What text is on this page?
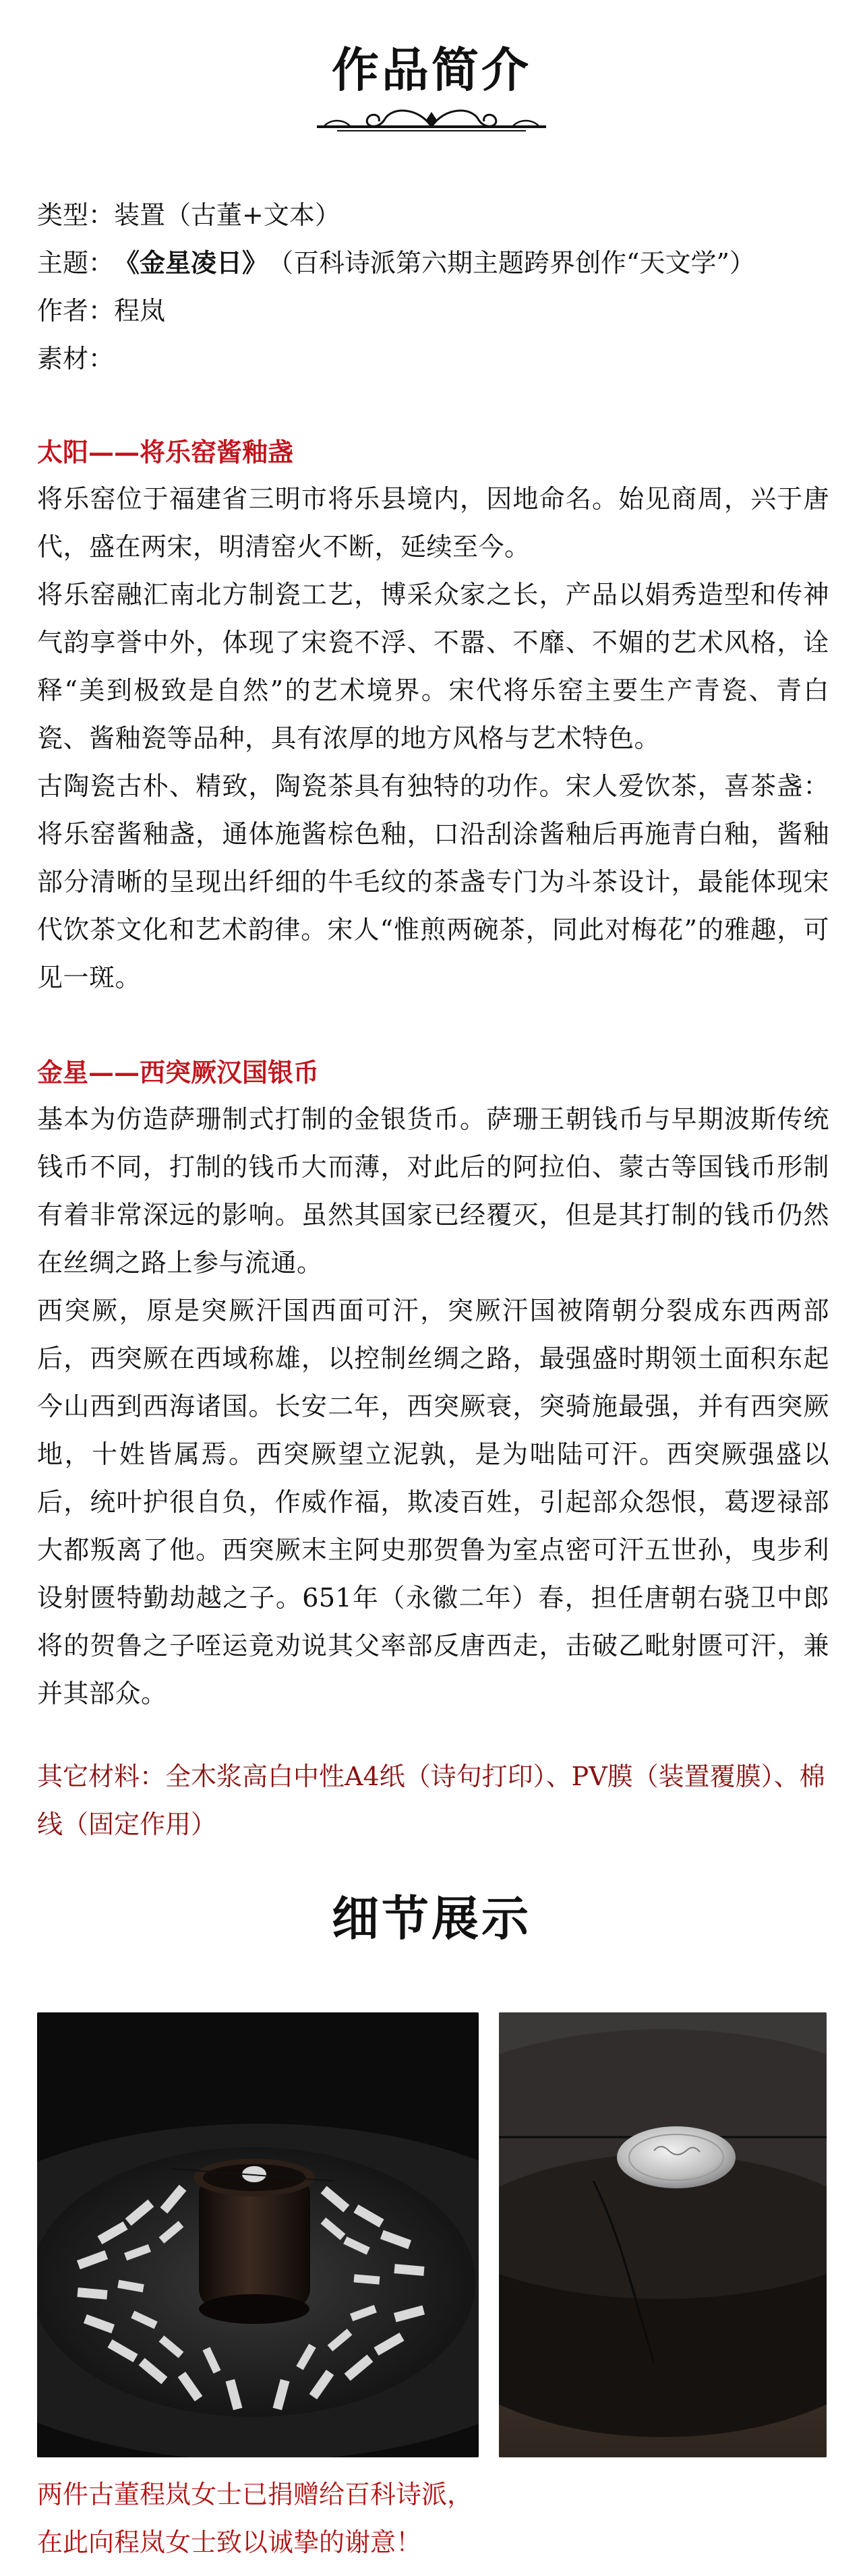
作品简介
类型：装置（古董+文本）
主题：《金星凌日》（百科诗派第六期主题跨界创作“天文学”）
作者：程岚
素材：
太阳——将乐窑酱釉盏
将乐窑位于福建省三明市将乐县境内，因地命名。始见商周，兴于唐代，盛在两宋，明清窑火不断，延续至今。
将乐窑融汇南北方制瓷工艺，博采众家之长，产品以娟秀造型和传神气韵享誉中外，体现了宋瓷不浮、不嚣、不靡、不媚的艺术风格，诠释“美到极致是自然”的艺术境界。宋代将乐窑主要生产青瓷、青白瓷、酱釉瓷等品种，具有浓厚的地方风格与艺术特色。
古陶瓷古朴、精致，陶瓷茶具有独特的功作。宋人爱饮茶，喜茶盏：将乐窑酱釉盏，通体施酱棕色釉，口沿刮涂酱釉后再施青白釉，酱釉部分清晰的呈现出纤细的牛毛纹的茶盏专门为斗茶设计，最能体现宋代饮茶文化和艺术韵律。宋人“惟煎两碗茶，同此对梅花”的雅趣，可见一斑。
金星——西突厥汉国银币
基本为仿造萨珊制式打制的金银货币。萨珊王朝钱币与早期波斯传统钱币不同，打制的钱币大而薄，对此后的阿拉伯、蒙古等国钱币形制有着非常深远的影响。虽然其国家已经覆灭，但是其打制的钱币仍然在丝绸之路上参与流通。
西突厥，原是突厥汗国西面可汗，突厥汗国被隋朝分裂成东西两部后，西突厥在西域称雄，以控制丝绸之路，最强盛时期领土面积东起今山西到西海诸国。长安二年，西突厥衰，突骑施最强，并有西突厥地，十姓皆属焉。西突厥望立泥孰，是为咄陆可汗。西突厥强盛以后，统叶护很自负，作威作福，欺凌百姓，引起部众怨恨，葛逻禄部大都叛离了他。西突厥末主阿史那贺鲁为室点密可汗五世孙，曳步利设射匮特勤劫越之子。651年（永徽二年）春，担任唐朝右骁卫中郎将的贺鲁之子咥运竟劝说其父率部反唐西走，击破乙毗射匮可汗，兼并其部众。
其它材料：全木浆高白中性A4纸（诗句打印）、PV膜（装置覆膜）、棉线（固定作用）
细节展示
两件古董程岚女士已捐赠给百科诗派，
在此向程岚女士致以诚挚的谢意！
